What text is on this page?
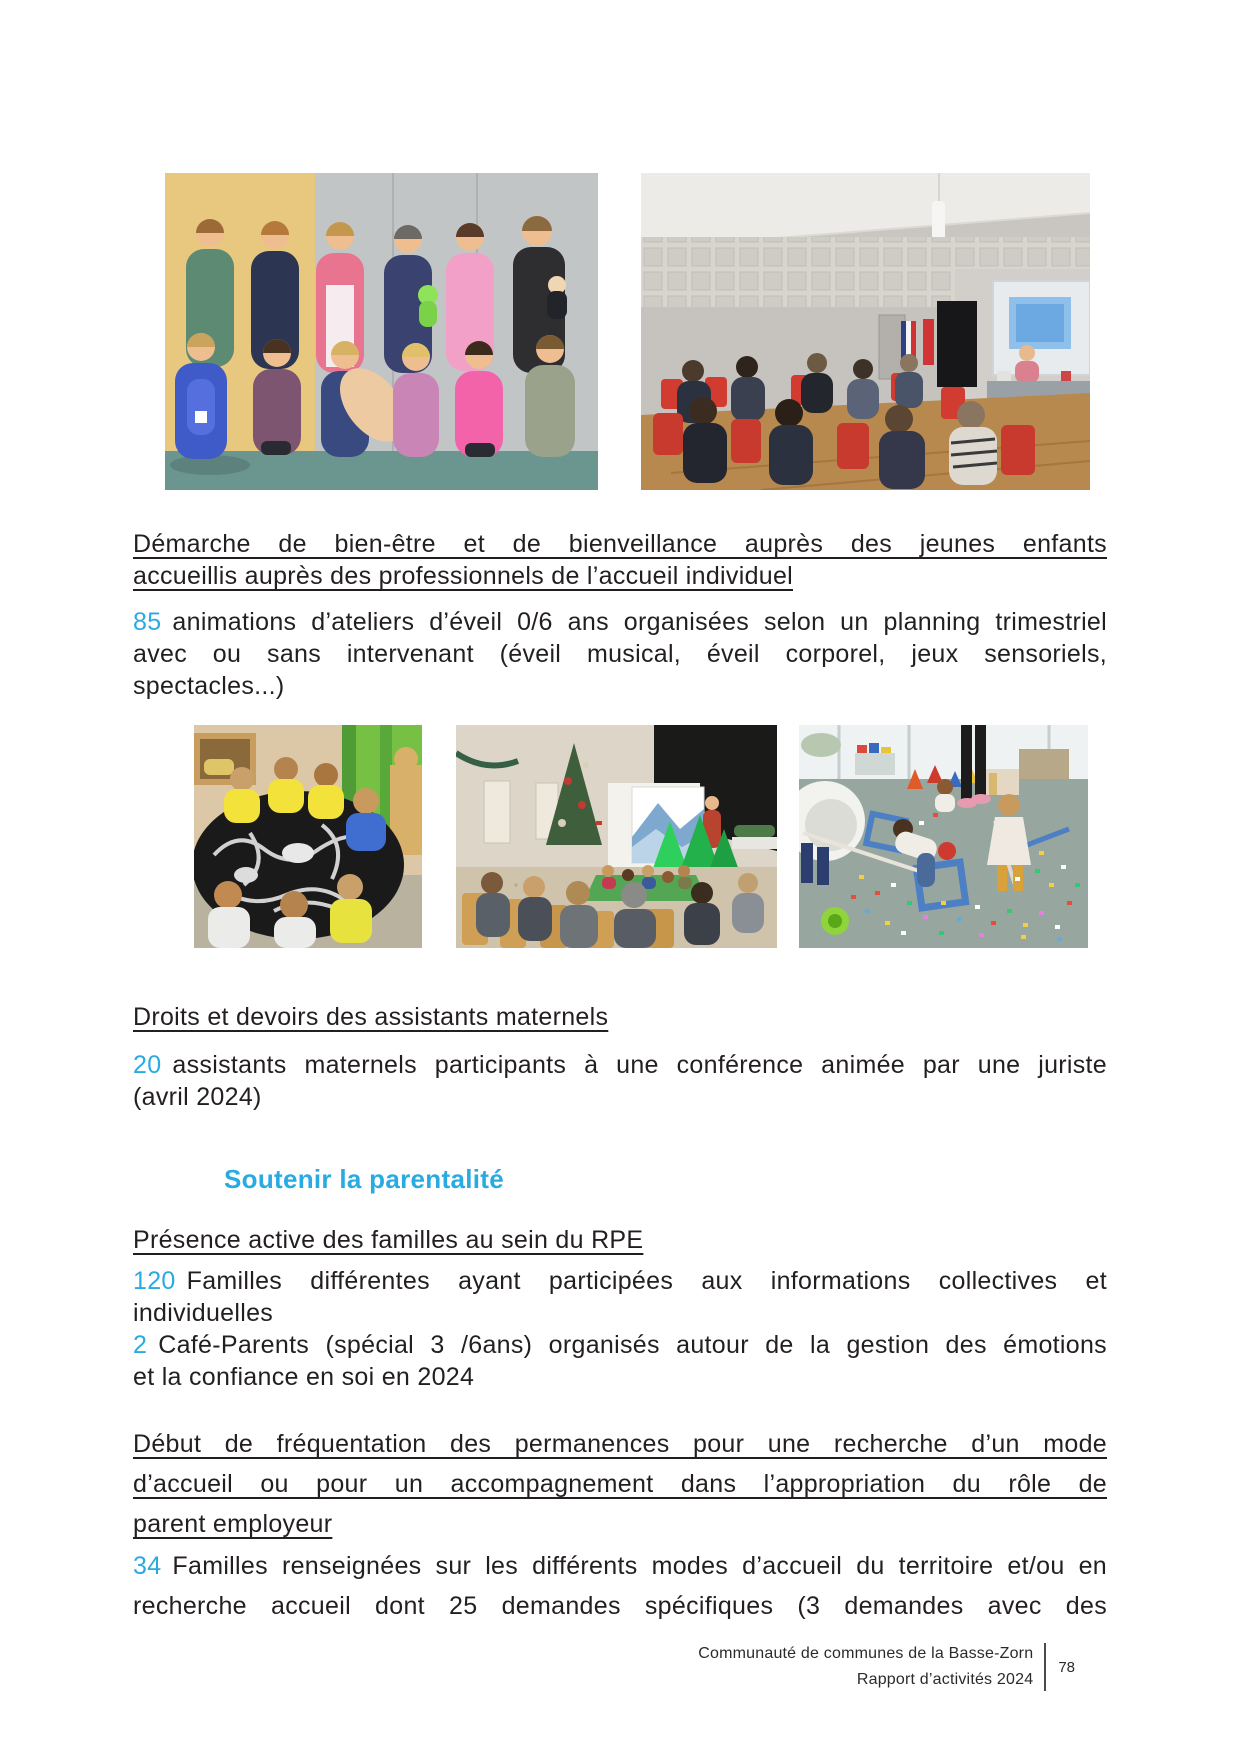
Démarche de bien-être et de bienveillance auprès des jeunes enfants
accueillis auprès des professionnels de l’accueil individuel
85 animations d’ateliers d’éveil 0/6 ans organisées selon un planning trimestriel
avec ou sans intervenant (éveil musical, éveil corporel, jeux sensoriels,
spectacles...)
Droits et devoirs des assistants maternels
20 assistants maternels participants à une conférence animée par une juriste
(avril 2024)
Soutenir la parentalité
Présence active des familles au sein du RPE
120 Familles différentes ayant participées aux informations collectives et
individuelles
2 Café-Parents (spécial 3 /6ans) organisés autour de la gestion des émotions
et la confiance en soi en 2024
Début de fréquentation des permanences pour une recherche d’un mode
d’accueil ou pour un accompagnement dans l’appropriation du rôle de
parent employeur
34 Familles renseignées sur les différents modes d’accueil du territoire et/ou en
recherche accueil dont 25 demandes spécifiques (3 demandes avec des
Communauté de communes de la Basse-Zorn
Rapport d’activités 2024
78
